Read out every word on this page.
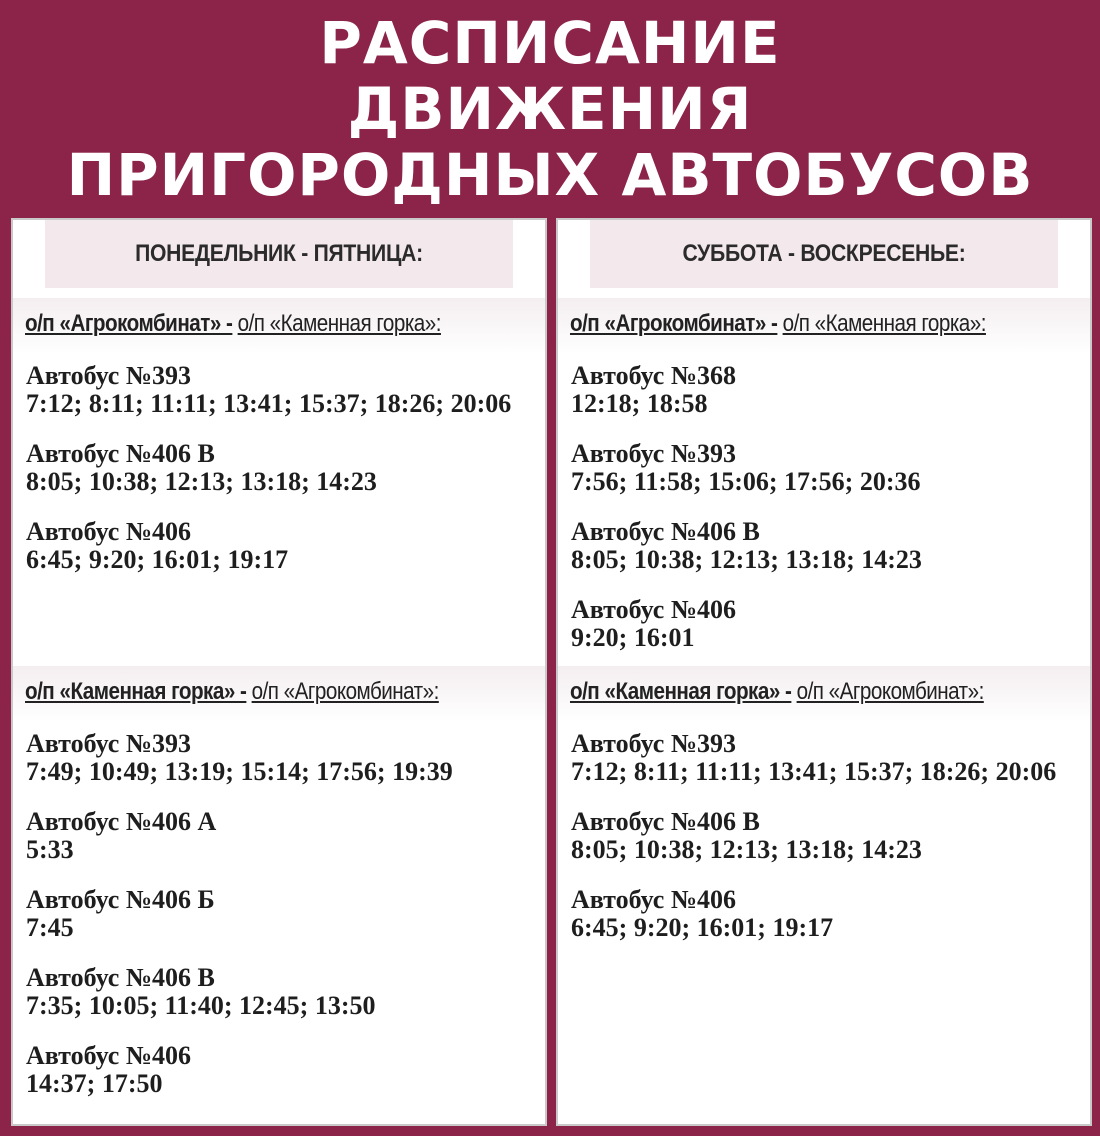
РАСПИСАНИЕ
ДВИЖЕНИЯ
ПРИГОРОДНЫХ АВТОБУСОВ
ПОНЕДЕЛЬНИК - ПЯТНИЦА:
о/п «Агрокомбинат» - о/п «Каменная горка»:
Автобус №393
7:12; 8:11; 11:11; 13:41; 15:37; 18:26; 20:06
Автобус №406 В
8:05; 10:38; 12:13; 13:18; 14:23
Автобус №406
6:45; 9:20; 16:01; 19:17
о/п «Каменная горка» - о/п «Агрокомбинат»:
Автобус №393
7:49; 10:49; 13:19; 15:14; 17:56; 19:39
Автобус №406 А
5:33
Автобус №406 Б
7:45
Автобус №406 В
7:35; 10:05; 11:40; 12:45; 13:50
Автобус №406
14:37; 17:50
СУББОТА - ВОСКРЕСЕНЬЕ:
о/п «Агрокомбинат» - о/п «Каменная горка»:
Автобус №368
12:18; 18:58
Автобус №393
7:56; 11:58; 15:06; 17:56; 20:36
Автобус №406 В
8:05; 10:38; 12:13; 13:18; 14:23
Автобус №406
9:20; 16:01
о/п «Каменная горка» - о/п «Агрокомбинат»:
Автобус №393
7:12; 8:11; 11:11; 13:41; 15:37; 18:26; 20:06
Автобус №406 В
8:05; 10:38; 12:13; 13:18; 14:23
Автобус №406
6:45; 9:20; 16:01; 19:17
SLIVKI
